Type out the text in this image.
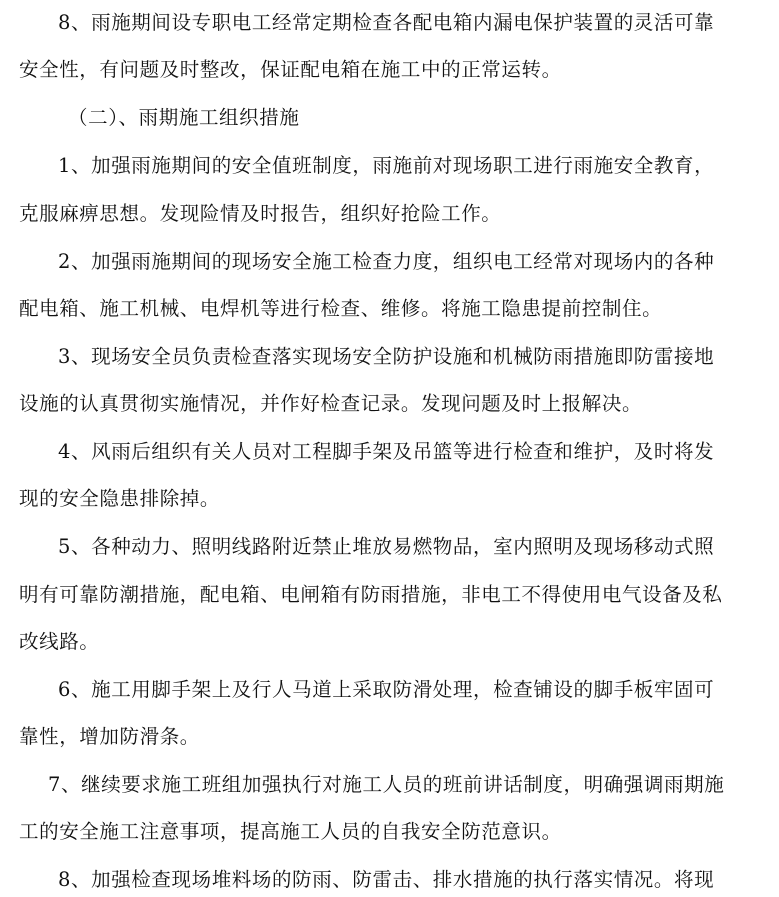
8、雨施期间设专职电工经常定期检查各配电箱内漏电保护装置的灵活可靠
安全性，有问题及时整改，保证配电箱在施工中的正常运转。
（二）、雨期施工组织措施
1、加强雨施期间的安全值班制度，雨施前对现场职工进行雨施安全教育，
克服麻痹思想。发现险情及时报告，组织好抢险工作。
2、加强雨施期间的现场安全施工检查力度，组织电工经常对现场内的各种
配电箱、施工机械、电焊机等进行检查、维修。将施工隐患提前控制住。
3、现场安全员负责检查落实现场安全防护设施和机械防雨措施即防雷接地
设施的认真贯彻实施情况，并作好检查记录。发现问题及时上报解决。
4、风雨后组织有关人员对工程脚手架及吊篮等进行检查和维护，及时将发
现的安全隐患排除掉。
5、各种动力、照明线路附近禁止堆放易燃物品，室内照明及现场移动式照
明有可靠防潮措施，配电箱、电闸箱有防雨措施，非电工不得使用电气设备及私
改线路。
6、施工用脚手架上及行人马道上采取防滑处理，检查铺设的脚手板牢固可
靠性，增加防滑条。
7、继续要求施工班组加强执行对施工人员的班前讲话制度，明确强调雨期施
工的安全施工注意事项，提高施工人员的自我安全防范意识。
8、加强检查现场堆料场的防雨、防雷击、排水措施的执行落实情况。将现
